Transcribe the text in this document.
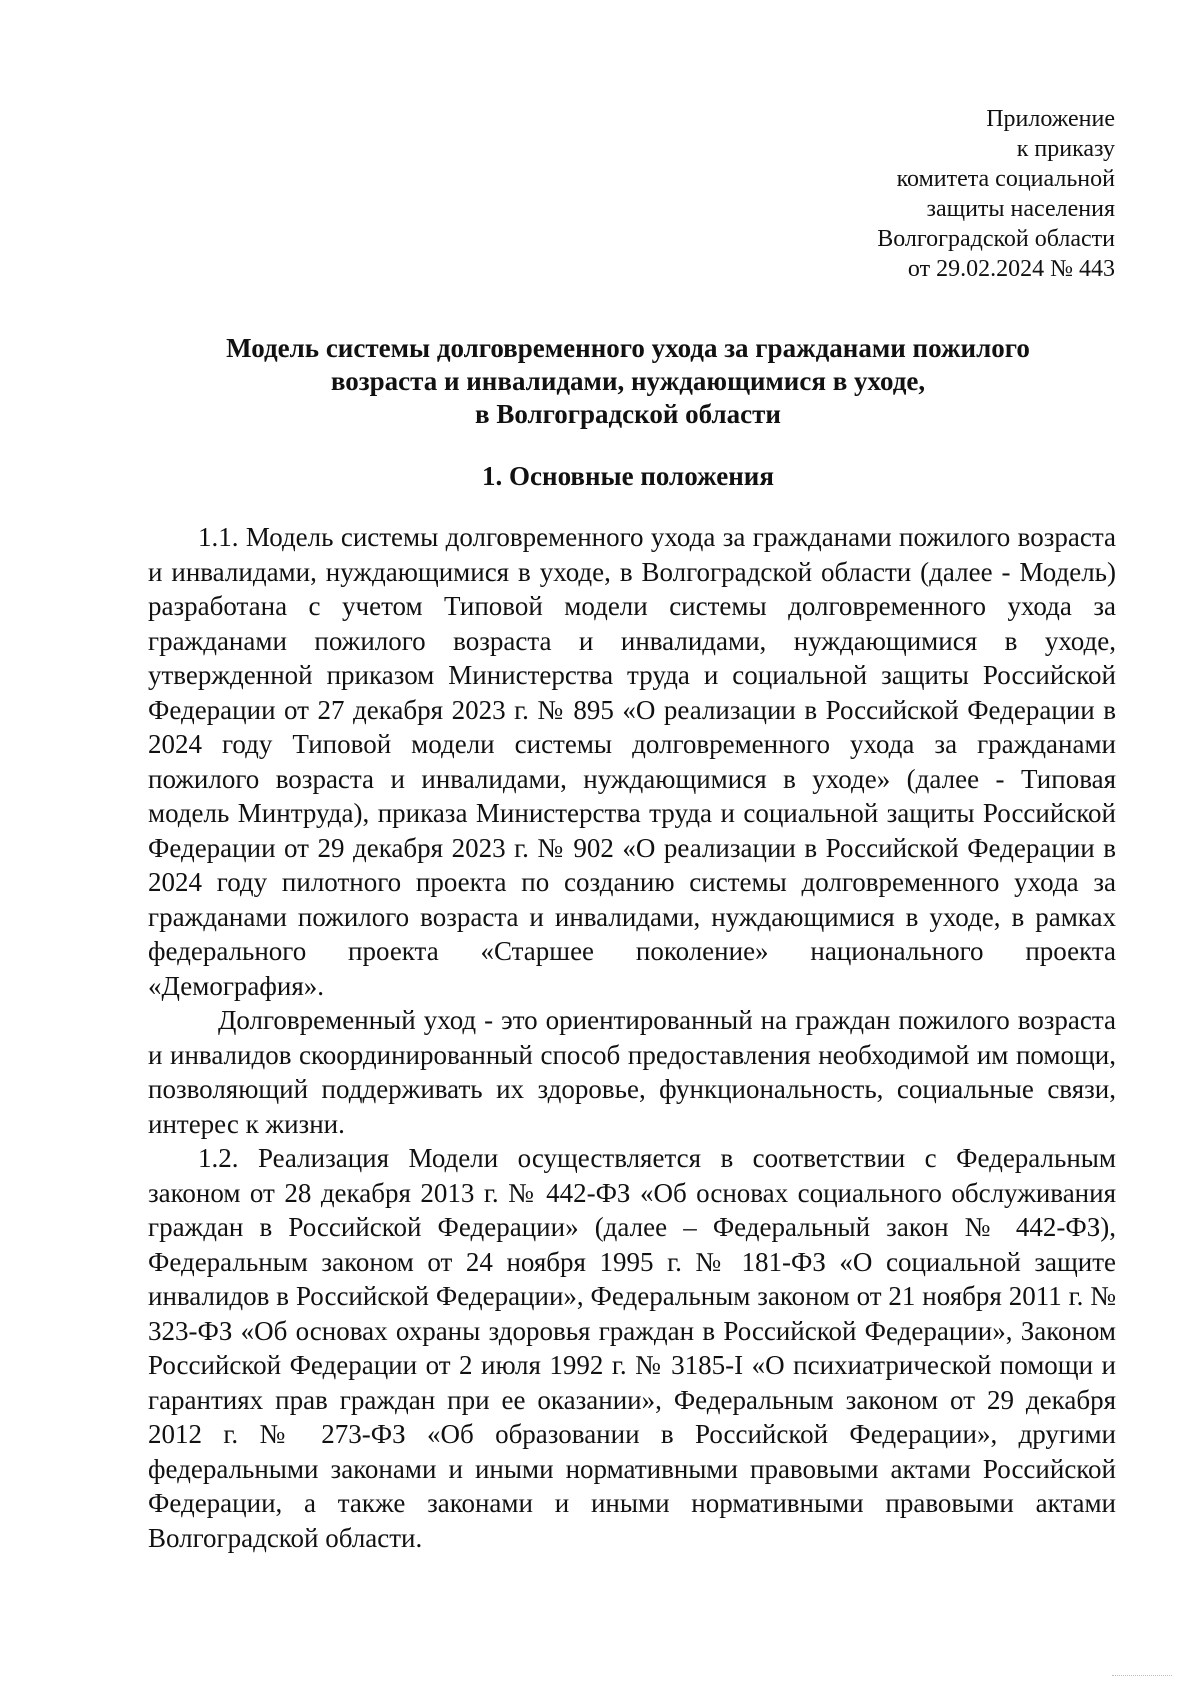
Приложение
к приказу
комитета социальной
защиты населения
Волгоградской области
от 29.02.2024 № 443
Модель системы долговременного ухода за гражданами пожилого
возраста и инвалидами, нуждающимися в уходе,
в Волгоградской области
1. Основные положения

1.1. Модель системы долговременного ухода за гражданами пожилого возраста и инвалидами, нуждающимися в уходе, в Волгоградской области (далее - Модель) разработана с учетом Типовой модели системы долговременного ухода за гражданами пожилого возраста и инвалидами, нуждающимися в уходе, утвержденной приказом Министерства труда и социальной защиты Российской Федерации от 27 декабря 2023 г. № 895 «О реализации в Российской Федерации в 2024 году Типовой модели системы долговременного ухода за гражданами пожилого возраста и инвалидами, нуждающимися в уходе» (далее - Типовая модель Минтруда), приказа Министерства труда и социальной защиты Российской Федерации от 29 декабря 2023 г. № 902 «О реализации в Российской Федерации в 2024 году пилотного проекта по созданию системы долговременного ухода за гражданами пожилого возраста и инвалидами, нуждающимися в уходе, в рамках федерального проекта «Старшее поколение» национального проекта «Демография».

Долговременный уход - это ориентированный на граждан пожилого возраста и инвалидов скоординированный способ предоставления необходимой им помощи, позволяющий поддерживать их здоровье, функциональность, социальные связи, интерес к жизни.

1.2. Реализация Модели осуществляется в соответствии с Федеральным законом от 28 декабря 2013 г. № 442-ФЗ «Об основах социального обслуживания граждан в Российской Федерации» (далее – Федеральный закон № 442-ФЗ), Федеральным законом от 24 ноября 1995 г. № 181-ФЗ «О социальной защите инвалидов в Российской Федерации», Федеральным законом от 21 ноября 2011 г. № 323-ФЗ «Об основах охраны здоровья граждан в Российской Федерации», Законом Российской Федерации от 2 июля 1992 г. № 3185-I «О психиатрической помощи и гарантиях прав граждан при ее оказании», Федеральным законом от 29 декабря 2012 г. № 273-ФЗ «Об образовании в Российской Федерации», другими федеральными законами и иными нормативными правовыми актами Российской Федерации, а также законами и иными нормативными правовыми актами Волгоградской области.
